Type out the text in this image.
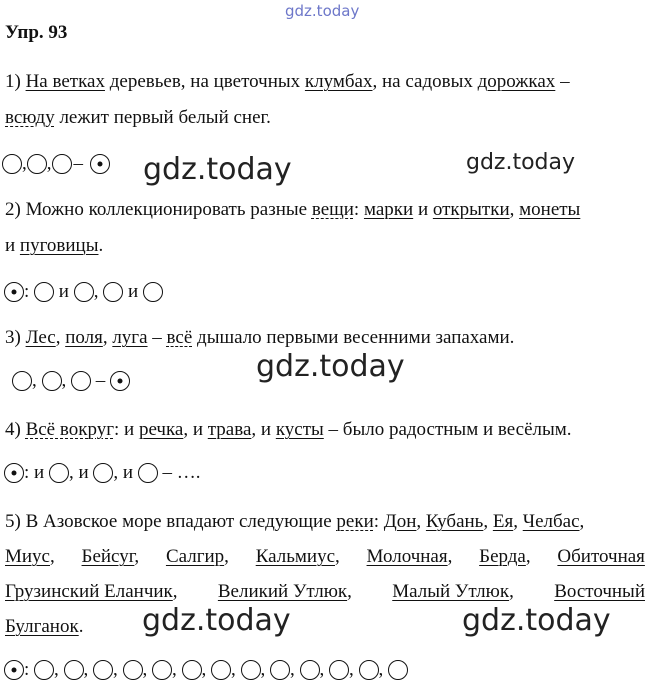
gdz.today
Упр. 93
1) На ветках деревьев, на цветочных клумбах, на садовых дорожках –
всюду лежит первый белый снег.
, , –	gdz.today	gdz.today
2) Можно коллекционировать разные вещи: марки и открытки, монеты
и пуговицы.
: и , и
3) Лес, поля, луга – всё дышало первыми весенними запахами.
, , –	gdz.today
4) Всё вокруг: и речка, и трава, и кусты – было радостным и весёлым.
: и , и , и – ….
5) В Азовское море впадают следующие реки: Дон, Кубань, Ея, Челбас,
Миус, Бейсуг, Салгир, Кальмиус, Молочная, Берда, Обиточная
Грузинский Еланчик, Великий Утлюк, Малый Утлюк, Восточный
Булганок. gdz.today	gdz.today
: , , , , , , , , , , , ,
